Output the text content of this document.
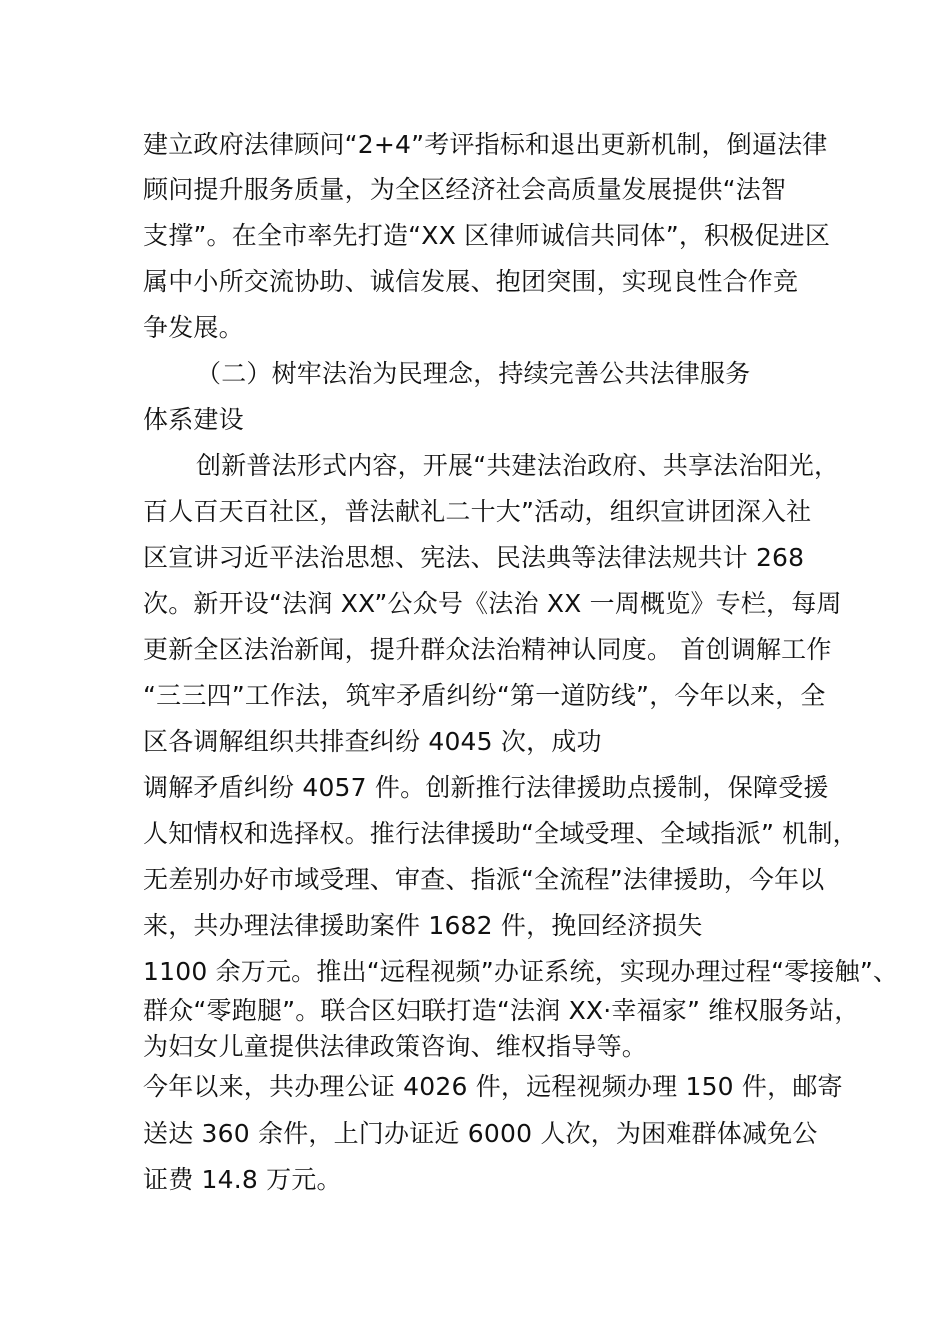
建立政府法律顾问“2+4”考评指标和退出更新机制，倒逼法律
顾问提升服务质量，为全区经济社会高质量发展提供“法智
支撑”。在全市率先打造“XX 区律师诚信共同体”，积极促进区
属中小所交流协助、诚信发展、抱团突围，实现良性合作竞
争发展。
（二）树牢法治为民理念，持续完善公共法律服务
体系建设
创新普法形式内容，开展“共建法治政府、共享法治阳光，
百人百天百社区，普法献礼二十大”活动，组织宣讲团深入社
区宣讲习近平法治思想、宪法、民法典等法律法规共计 268
次。新开设“法润 XX”公众号《法治 XX 一周概览》专栏，每周
更新全区法治新闻，提升群众法治精神认同度。 首创调解工作
“三三四”工作法，筑牢矛盾纠纷“第一道防线”，今年以来，全
区各调解组织共排查纠纷 4045 次，成功
调解矛盾纠纷 4057 件。创新推行法律援助点援制，保障受援
人知情权和选择权。推行法律援助“全域受理、全域指派” 机制，
无差别办好市域受理、审查、指派“全流程”法律援助，今年以
来，共办理法律援助案件 1682 件，挽回经济损失
1100 余万元。推出“远程视频”办证系统，实现办理过程“零接触”、
群众“零跑腿”。联合区妇联打造“法润 XX·幸福家” 维权服务站，
为妇女儿童提供法律政策咨询、维权指导等。
今年以来，共办理公证 4026 件，远程视频办理 150 件，邮寄
送达 360 余件，上门办证近 6000 人次，为困难群体减免公
证费 14.8 万元。
